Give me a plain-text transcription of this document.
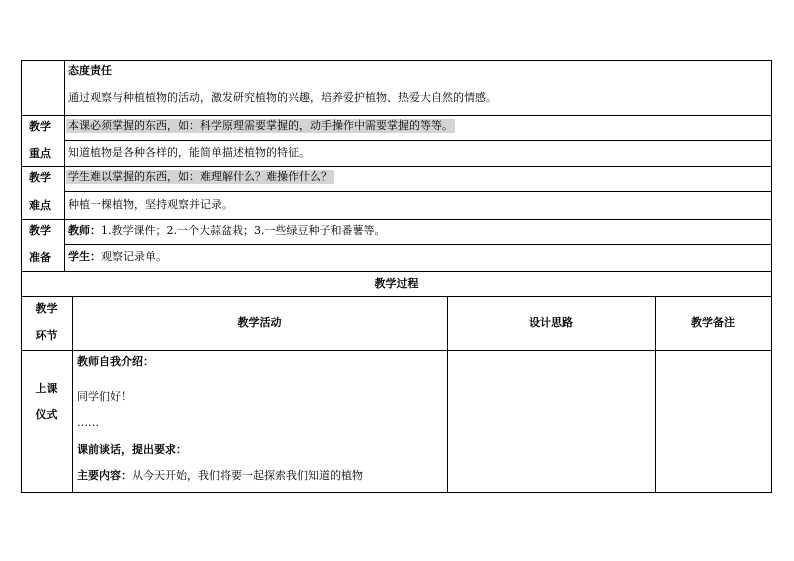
态度责任
通过观察与种植植物的活动，激发研究植物的兴趣，培养爱护植物、热爱大自然的情感。
教学
重点
本课必须掌握的东西，如：科学原理需要掌握的，动手操作中需要掌握的等等。
知道植物是各种各样的，能简单描述植物的特征。
教学
难点
学生难以掌握的东西，如：难理解什么？难操作什么？
种植一棵植物，坚持观察并记录。
教学
准备
教师：1.教学课件；2.一个大蒜盆栽；3.一些绿豆种子和番薯等。
学生：观察记录单。
教学过程
教学
环节
教学活动	设计思路	教学备注
上课
仪式
教师自我介绍：
同学们好！
……
课前谈话，提出要求：
主要内容：从今天开始，我们将要一起探索我们知道的植物
